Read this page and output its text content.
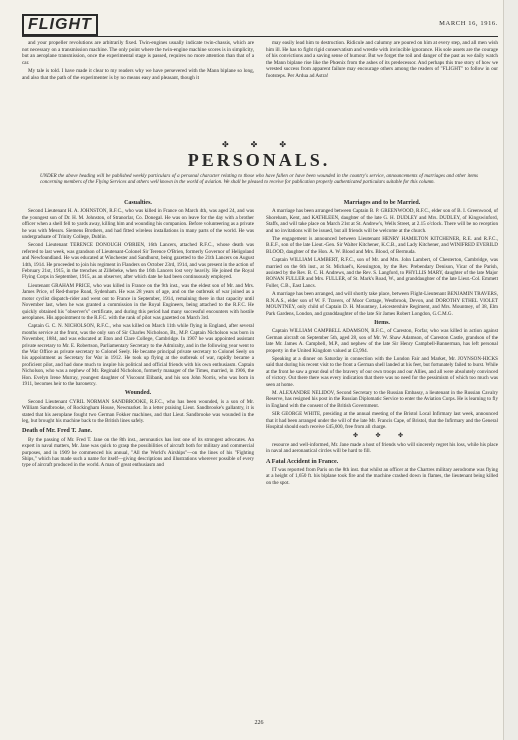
FLIGHT	MARCH 16, 1916.

and your propeller revolutions are arbitrarily fixed. Twin-engines usually indicate twin-chassis, which are not necessary on a transmission machine. The only point where the twin-engine machine scores is in simplicity, but an aeroplane transmission, once the experimental stage is passed, requires no more attention than that of a car.

My tale is told. I have made it clear to my readers why we have persevered with the Mann biplane so long, and also that the path of the experimenter is by no means easy and pleasant, though it

may easily lead him to destruction. Ridicule and calumny are poured on him at every step, and all men wish him ill. He has to fight rigid conservatism and wrestle with invincible ignorance. His sole assets are the courage of his convictions and a saving sense of humour. But we forget the toil and danger of the past as we daily watch the Mann biplane rise like the Phœnix from the ashes of its predecessor. And perhaps this true story of how we wrested success from apparent failure may encourage others among the readers of "FLIGHT" to follow in our footsteps. Per Ardua ad Astra!

✤ ✤ ✤
PERSONALS.
UNDER the above heading will be published weekly particulars of a personal character relating to those who have fallen or have been wounded in the country's service, announcements of marriages and other items concerning members of the Flying Services and others well known in the world of aviation. We shall be pleased to receive for publication properly authenticated particulars suitable for this column.
Casualties.

Second Lieutenant H. A. JOHNSTON, R.F.C., who was killed in France on March 4th, was aged 24, and was the youngest son of Dr. H. M. Johnston, of Stranorlar, Co. Donegal. He was on leave for the day with a brother officer when a shell fell to yards away, killing him and wounding his companion. Before volunteering as a private he was with Messrs. Siemens Brothers, and had fitted wireless installations in many parts of the world. He was undergraduate of Trinity College, Dublin.

Second Lieutenant TERENCE DONOUGH O'BRIEN, 16th Lancers, attached R.F.C., whose death was referred to last week, was grandson of Lieutenant-Colonel Sir Terence O'Brien, formerly Governor of Heligoland and Newfoundland. He was educated at Winchester and Sandhurst, being gazetted to the 21th Lancers on August 14th, 1914. He proceeded to join his regiment in Flanders on October 23rd, 1914, and was present in the action of February 21st, 1915, in the trenches at Zillebeke, when the 16th Lancers lost very heavily. He joined the Royal Flying Corps in September, 1915, as an observer, after which date he had been continuously employed.

Lieutenant GRAHAM PRICE, who was killed in France on the 9th inst., was the eldest son of Mr. and Mrs. James Price, of Red-thorpe Road, Sydenham. He was 28 years of age, and on the outbreak of war joined as a motor cyclist dispatch-rider and went out to France in September, 1914, remaining there in that capacity until November last, when he was granted a commission in the Royal Engineers, being attached to the R.F.C. He quickly obtained his "observer's" certificate, and during this period had many successful encounters with hostile aeroplanes. His appointment to the R.F.C. with the rank of pilot was gazetted on March 3rd.

Captain G. C. N. NICHOLSON, R.F.C., who was killed on March 11th while flying in England, after several months service at the front, was the only son of Sir Charles Nicholson, Bt., M.P. Captain Nicholson was born in November, 1884, and was educated at Eton and Clare College, Cambridge. In 1907 he was appointed assistant private secretary to Mr. E. Robertson, Parliamentary Secretary to the Admiralty, and in the following year went to the War Office as private secretary to Colonel Seely. He became principal private secretary to Colonel Seely on his appointment as Secretary for War in 1912. He took up flying at the outbreak of war, rapidly became a proficient pilot, and had done much to inspire his political and official friends with his own enthusiasm. Captain Nicholson, who was a nephew of Mr. Reginald Nicholson, formerly manager of the Times, married, in 1906, the Hon. Evelyn Irene Murray, youngest daughter of Viscount Elibank, and his son John Norris, who was born in 1911, becomes heir to the baronetcy.

Wounded.

Second Lieutenant CYRIL NORMAN SANDBROOKE, R.F.C., who has been wounded, is a son of Mr. William Sandbrooke, of Rockingham House, Newmarket. In a letter praising Lieut. Sandbrooke's gallantry, it is stated that his aeroplane fought two German Fokker machines, and that Lieut. Sandbrooke was wounded in the leg, but brought his machine back to the British lines safely.

Death of Mr. Fred T. Jane.

By the passing of Mr. Fred T. Jane on the 8th inst., aeronautics has lost one of its strongest advocates. An expert in naval matters, Mr. Jane was quick to grasp the possibilities of aircraft both for military and commercial purposes, and in 1909 he commenced his annual, "All the World's Airships"—on the lines of his "Fighting Ships," which has made such a name for itself—giving descriptions and illustrations wherever possible of every type of aircraft produced in the world. A man of great enthusiasm and

Marriages and to be Married.

A marriage has been arranged between Captain B. P. GREENWOOD, R.F.C., elder son of B. I. Greenwood, of Shoreham, Kent, and KATHLEEN, daughter of the late G. H. DUDLEY and Mrs. DUDLEY, of Kingswinford, Staffs, and will take place on March 21st at St. Andrew's, Wells Street, at 2.15 o'clock. There will be no reception and no invitations will be issued, but all friends will be welcome at the church.

The engagement is announced between Lieutenant HENRY HAMILTON KITCHENER, R.E. and R.F.C., B.E.F., son of the late Lieut.-Gen. Sir Walter Kitchener, K.C.B., and Lady Kitchener, and WINIFRED EVERILD BLOOD, daughter of the Hon. A. W. Blood and Mrs. Blood, of Bermuda.

Captain WILLIAM LAMBERT, R.F.C., son of Mr. and Mrs. John Lambert, of Chesterton, Cambridge, was married on the 6th inst., at St. Michael's, Kensington, by the Rev. Prebendary Denison, Vicar of the Parish, assisted by the Rev. B. C. H. Andrews, and the Rev. S. Langford, to PHYLLIS MARY, daughter of the late Major RONAN FULLER and Mrs. FULLER, of St. Mark's Road, W., and granddaughter of the late Lieut.-Col. Emmett Fuller, C.B., East Lancs.

A marriage has been arranged, and will shortly take place, between Flight-Lieutenant BENJAMIN TRAVERS, R.N.A.S., elder son of W. F. Travers, of Moor Cottage, Westbrook, Devon, and DOROTHY ETHEL VIOLET MOUNTNEY, only child of Captain D. H. Mountney, Leicestershire Regiment, and Mrs. Mountney, of 38, Elm Park Gardens, London, and granddaughter of the late Sir James Robert Longdon, G.C.M.G.

Items.

Captain WILLIAM CAMPBELL ADAMSON, R.F.C., of Careston, Forfar, who was killed in action against German aircraft on September 5th, aged 28, son of Mr. W. Shaw Adamson, of Careston Castle, grandson of the late Mr. James A. Campbell, M.P., and nephew of the late Sir Henry Campbell-Bannerman, has left personal property in the United Kingdom valued at £3,994.

Speaking at a dinner on Saturday in connection with the London Fair and Market, Mr. JOYNSON-HICKS said that during his recent visit to the front a German shell landed at his feet, but fortunately failed to burst. While at the front he saw a great deal of the bravery of our own troops and our Allies, and all were absolutely convinced of victory. Out there there was every indication that there was no need for the pessimism of which too much was seen at home.

M. ALEXANDRE NELIDOV, Second Secretary to the Russian Embassy, a lieutenant in the Russian Cavalry Reserve, has resigned his post in the Russian Diplomatic Service to enter the Aviation Corps. He is learning to fly in England with the consent of the British Government.

SIR GEORGE WHITE, presiding at the annual meeting of the Bristol Local Infirmary last week, announced that it had been arranged under the will of the late Mr. Francis Cape, of Bristol, that the Infirmary and the General Hospital should each receive £45,000, free from all charge.

✤ ✤ ✤

resource and well-informed, Mr. Jane made a host of friends who will sincerely regret his loss, while his place in naval and aeronautical circles will be hard to fill.

A Fatal Accident in France.

IT was reported from Paris on the 8th inst. that whilst an officer at the Chartres military aerodrome was flying at a height of 1,650 ft. his biplane took fire and the machine crashed down in flames, the lieutenant being killed on the spot.

226
